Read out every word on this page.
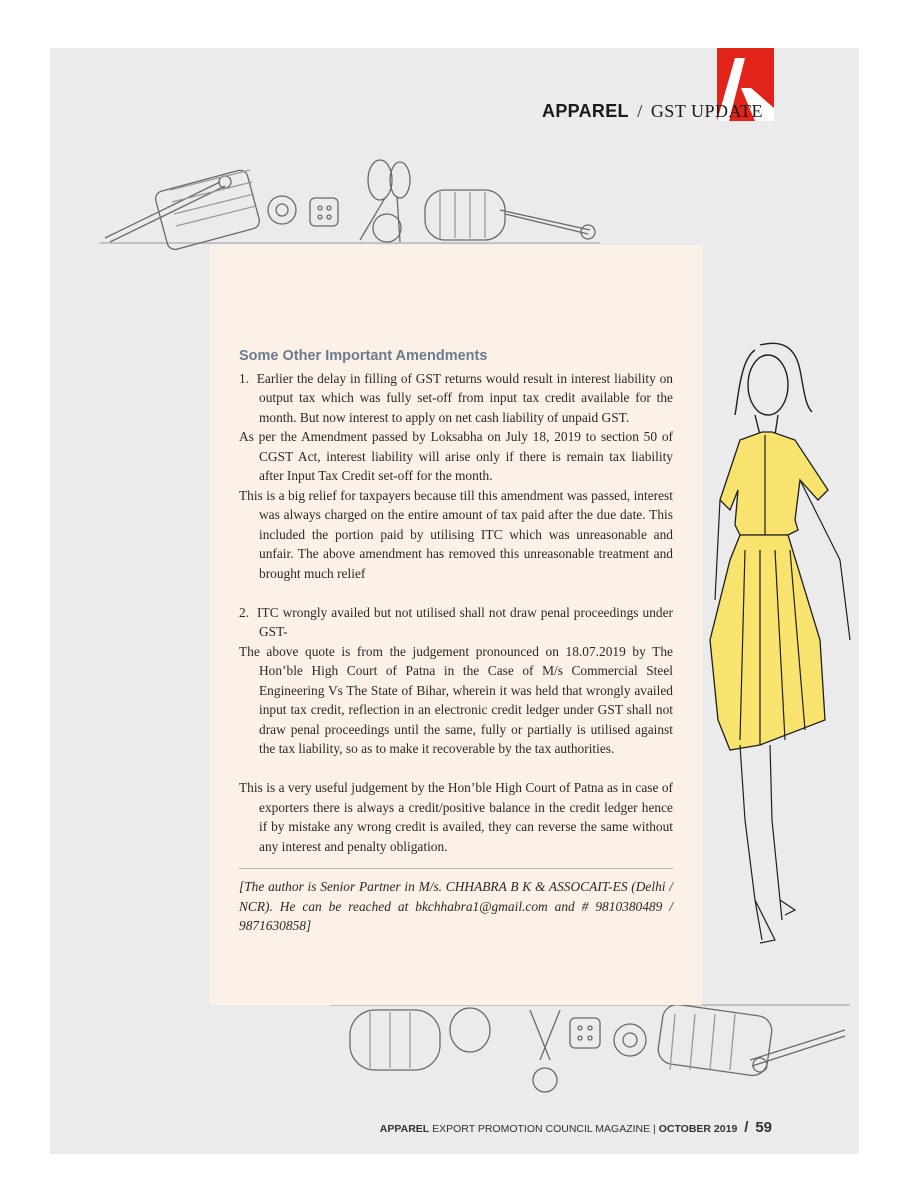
APPAREL / GST UPDATE
Some Other Important Amendments

1.  Earlier the delay in filling of GST returns would result in interest liability on output tax which was fully set-off from input tax credit available for the month. But now interest to apply on net cash liability of unpaid GST.

As per the Amendment passed by Loksabha on July 18, 2019 to section 50 of CGST Act, interest liability will arise only if there is remain tax liability after Input Tax Credit set-off for the month.

This is a big relief for taxpayers because till this amendment was passed, interest was always charged on the entire amount of tax paid after the due date. This included the portion paid by utilising ITC which was unreasonable and unfair. The above amendment has removed this unreasonable treatment and brought much relief

2.  ITC wrongly availed but not utilised shall not draw penal proceedings under GST-

The above quote is from the judgement pronounced on 18.07.2019 by The Hon’ble High Court of Patna in the Case of M/s Commercial Steel Engineering Vs The State of Bihar, wherein it was held that wrongly availed input tax credit, reflection in an electronic credit ledger under GST shall not draw penal proceedings until the same, fully or partially is utilised against the tax liability, so as to make it recoverable by the tax authorities.

This is a very useful judgement by the Hon’ble High Court of Patna as in case of exporters there is always a credit/positive balance in the credit ledger hence if by mistake any wrong credit is availed, they can reverse the same without any interest and penalty obligation.

[The author is Senior Partner in M/s. CHHABRA B K & ASSOCAIT-ES (Delhi / NCR). He can be reached at bkchhabra1@gmail.com and # 9810380489 / 9871630858]

APPAREL EXPORT PROMOTION COUNCIL MAGAZINE | OCTOBER 2019 / 59
